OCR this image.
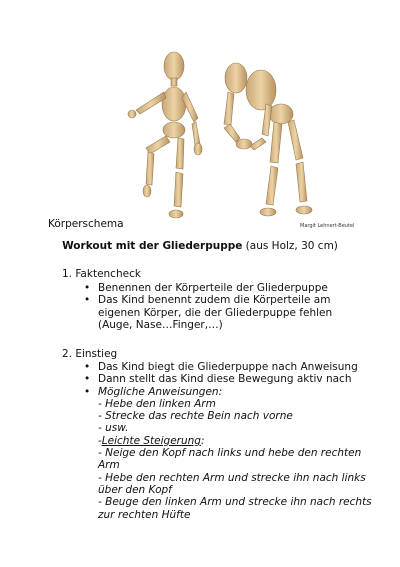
Körperschema	Margit Lehnert-Beutel
Workout mit der Gliederpuppe (aus Holz, 30 cm)
1. Faktencheck
• Benennen der Körperteile der Gliederpuppe
• Das Kind benennt zudem die Körperteile am eigenen Körper, die der Gliederpuppe fehlen (Auge, Nase…Finger,…)
2. Einstieg
• Das Kind biegt die Gliederpuppe nach Anweisung
• Dann stellt das Kind diese Bewegung aktiv nach
• Mögliche Anweisungen:
- Hebe den linken Arm
- Strecke das rechte Bein nach vorne
- usw.
-Leichte Steigerung:
- Neige den Kopf nach links und hebe den rechten
Arm
- Hebe den rechten Arm und strecke ihn nach links
über den Kopf
- Beuge den linken Arm und strecke ihn nach rechts
zur rechten Hüfte
